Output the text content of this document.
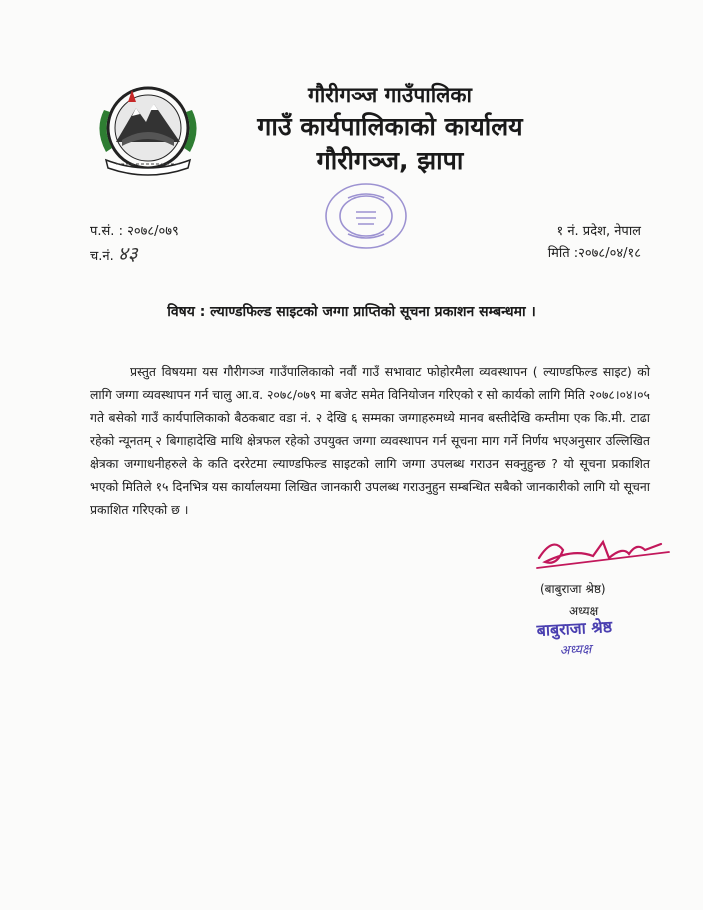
गौरीगञ्ज गाउँपालिका
गाउँ कार्यपालिकाको कार्यालय
गौरीगञ्ज, झापा
प.सं. : २०७८/०७९
च.नं. ४३
१ नं. प्रदेश, नेपाल
मिति :२०७८/०४/१८
विषय : ल्याण्डफिल्ड साइटको जग्गा प्राप्तिको सूचना प्रकाशन सम्बन्धमा ।

प्रस्तुत विषयमा यस गौरीगञ्ज गाउँपालिकाको नवौं गाउँ सभावाट फोहोरमैला व्यवस्थापन ( ल्याण्डफिल्ड साइट) को लागि जग्गा व्यवस्थापन गर्न चालु आ.व. २०७८/०७९ मा बजेट समेत विनियोजन गरिएको र सो कार्यको लागि मिति २०७८।०४।०५ गते बसेको गाउँ कार्यपालिकाको बैठकबाट वडा नं. २ देखि ६ सम्मका जग्गाहरुमध्ये मानव बस्तीदेखि कम्तीमा एक कि.मी. टाढा रहेको न्यूनतम् २ बिगाहादेखि माथि क्षेत्रफल रहेको उपयुक्त जग्गा व्यवस्थापन गर्न सूचना माग गर्ने निर्णय भएअनुसार उल्लिखित क्षेत्रका जग्गाधनीहरुले के कति दररेटमा ल्याण्डफिल्ड साइटको लागि जग्गा उपलब्ध गराउन सक्नुहुन्छ ? यो सूचना प्रकाशित भएको मितिले १५ दिनभित्र यस कार्यालयमा लिखित जानकारी उपलब्ध गराउनुहुन सम्बन्धित सबैको जानकारीको लागि यो सूचना प्रकाशित गरिएको छ ।

(बाबुराजा श्रेष्ठ)
अध्यक्ष
बाबुराजा श्रेष्ठ
अध्यक्ष
